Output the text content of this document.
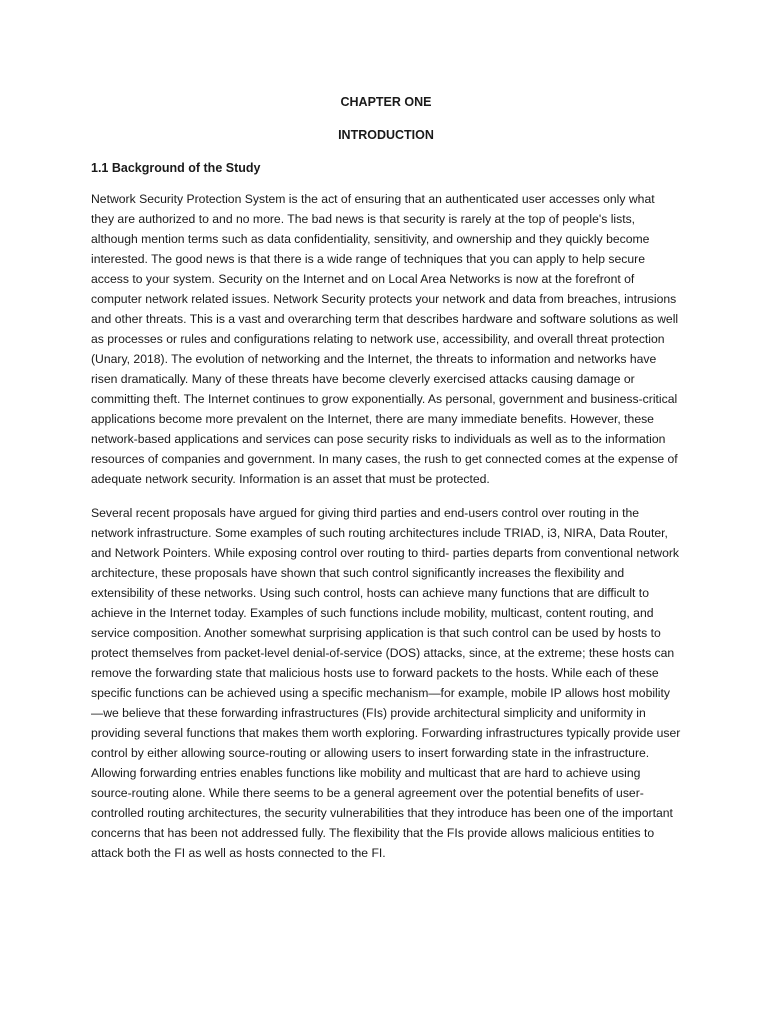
CHAPTER ONE

INTRODUCTION

1.1 Background of the Study

Network Security Protection System is the act of ensuring that an authenticated user accesses only what they are authorized to and no more. The bad news is that security is rarely at the top of people's lists, although mention terms such as data confidentiality, sensitivity, and ownership and they quickly become interested. The good news is that there is a wide range of techniques that you can apply to help secure access to your system. Security on the Internet and on Local Area Networks is now at the forefront of computer network related issues. Network Security protects your network and data from breaches, intrusions and other threats. This is a vast and overarching term that describes hardware and software solutions as well as processes or rules and configurations relating to network use, accessibility, and overall threat protection (Unary, 2018). The evolution of networking and the Internet, the threats to information and networks have risen dramatically. Many of these threats have become cleverly exercised attacks causing damage or committing theft. The Internet continues to grow exponentially. As personal, government and business-critical applications become more prevalent on the Internet, there are many immediate benefits. However, these network-based applications and services can pose security risks to individuals as well as to the information resources of companies and government. In many cases, the rush to get connected comes at the expense of adequate network security. Information is an asset that must be protected.

Several recent proposals have argued for giving third parties and end-users control over routing in the network infrastructure. Some examples of such routing architectures include TRIAD, i3, NIRA, Data Router, and Network Pointers. While exposing control over routing to third- parties departs from conventional network architecture, these proposals have shown that such control significantly increases the flexibility and extensibility of these networks. Using such control, hosts can achieve many functions that are difficult to achieve in the Internet today. Examples of such functions include mobility, multicast, content routing, and service composition. Another somewhat surprising application is that such control can be used by hosts to protect themselves from packet-level denial-of-service (DOS) attacks, since, at the extreme; these hosts can remove the forwarding state that malicious hosts use to forward packets to the hosts. While each of these specific functions can be achieved using a specific mechanism—for example, mobile IP allows host mobility—we believe that these forwarding infrastructures (FIs) provide architectural simplicity and uniformity in providing several functions that makes them worth exploring. Forwarding infrastructures typically provide user control by either allowing source-routing or allowing users to insert forwarding state in the infrastructure. Allowing forwarding entries enables functions like mobility and multicast that are hard to achieve using source-routing alone. While there seems to be a general agreement over the potential benefits of user-controlled routing architectures, the security vulnerabilities that they introduce has been one of the important concerns that has been not addressed fully. The flexibility that the FIs provide allows malicious entities to attack both the FI as well as hosts connected to the FI.
